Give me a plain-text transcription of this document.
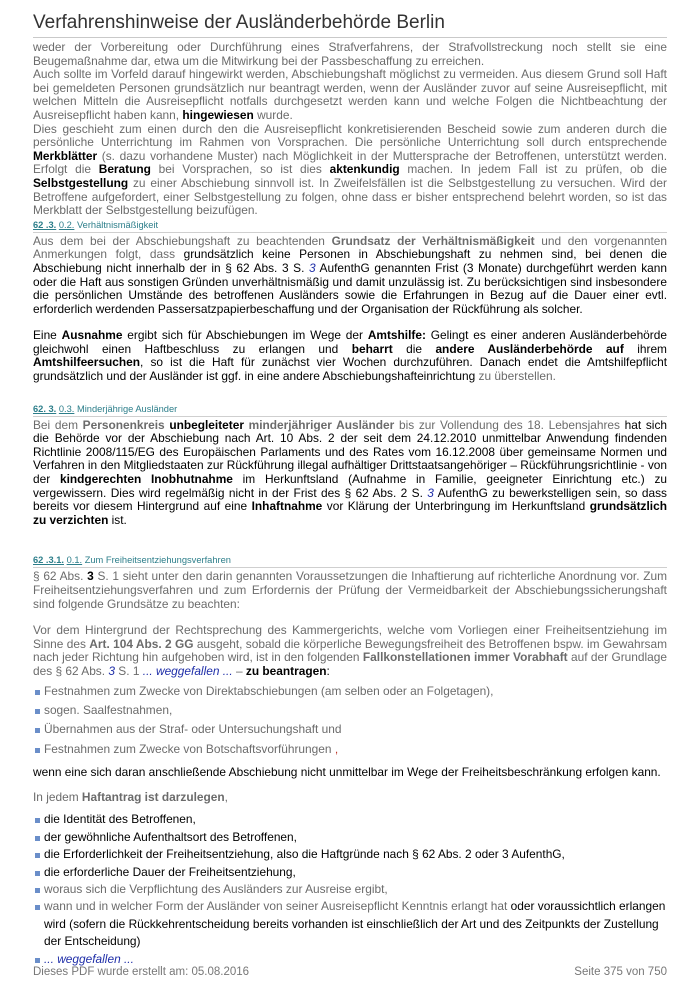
Verfahrenshinweise der Ausländerbehörde Berlin

weder der Vorbereitung oder Durchführung eines Strafverfahrens, der Strafvollstreckung noch stellt sie eine Beugemaßnahme dar, etwa um die Mitwirkung bei der Passbeschaffung zu erreichen.

Auch sollte im Vorfeld darauf hingewirkt werden, Abschiebungshaft möglichst zu vermeiden. Aus diesem Grund soll Haft bei gemeldeten Personen grundsätzlich nur beantragt werden, wenn der Ausländer zuvor auf seine Ausreisepflicht, mit welchen Mitteln die Ausreisepflicht notfalls durchgesetzt werden kann und welche Folgen die Nichtbeachtung der Ausreisepflicht haben kann, hingewiesen wurde.

Dies geschieht zum einen durch den die Ausreisepflicht konkretisierenden Bescheid sowie zum anderen durch die persönliche Unterrichtung im Rahmen von Vorsprachen. Die persönliche Unterrichtung soll durch entsprechende Merkblätter (s. dazu vorhandene Muster) nach Möglichkeit in der Muttersprache der Betroffenen, unterstützt werden. Erfolgt die Beratung bei Vorsprachen, so ist dies aktenkundig machen. In jedem Fall ist zu prüfen, ob die Selbstgestellung zu einer Abschiebung sinnvoll ist. In Zweifelsfällen ist die Selbstgestellung zu versuchen. Wird der Betroffene aufgefordert, einer Selbstgestellung zu folgen, ohne dass er bisher entsprechend belehrt worden, so ist das Merkblatt der Selbstgestellung beizufügen.

62 .3. 0.2. Verhältnismäßigkeit

Aus dem bei der Abschiebungshaft zu beachtenden Grundsatz der Verhältnismäßigkeit und den vorgenannten Anmerkungen folgt, dass grundsätzlich keine Personen in Abschiebungshaft zu nehmen sind, bei denen die Abschiebung nicht innerhalb der in § 62 Abs. 3 S. 3 AufenthG genannten Frist (3 Monate) durchgeführt werden kann oder die Haft aus sonstigen Gründen unverhältnismäßig und damit unzulässig ist. Zu berücksichtigen sind insbesondere die persönlichen Umstände des betroffenen Ausländers sowie die Erfahrungen in Bezug auf die Dauer einer evtl. erforderlich werdenden Passersatzpapierbeschaffung und der Organisation der Rückführung als solcher.

Eine Ausnahme ergibt sich für Abschiebungen im Wege der Amtshilfe: Gelingt es einer anderen Ausländerbehörde gleichwohl einen Haftbeschluss zu erlangen und beharrt die andere Ausländerbehörde auf ihrem Amtshilfeersuchen, so ist die Haft für zunächst vier Wochen durchzuführen. Danach endet die Amtshilfepflicht grundsätzlich und der Ausländer ist ggf. in eine andere Abschiebungshafteinrichtung zu überstellen.

62. 3. 0.3. Minderjährige Ausländer

Bei dem Personenkreis unbegleiteter minderjähriger Ausländer bis zur Vollendung des 18. Lebensjahres hat sich die Behörde vor der Abschiebung nach Art. 10 Abs. 2 der seit dem 24.12.2010 unmittelbar Anwendung findenden Richtlinie 2008/115/EG des Europäischen Parlaments und des Rates vom 16.12.2008 über gemeinsame Normen und Verfahren in den Mitgliedstaaten zur Rückführung illegal aufhältiger Drittstaatsangehöriger – Rückführungsrichtlinie - von der kindgerechten Inobhutnahme im Herkunftsland (Aufnahme in Familie, geeigneter Einrichtung etc.) zu vergewissern. Dies wird regelmäßig nicht in der Frist des § 62 Abs. 2 S. 3 AufenthG zu bewerkstelligen sein, so dass bereits vor diesem Hintergrund auf eine Inhaftnahme vor Klärung der Unterbringung im Herkunftsland grundsätzlich zu verzichten ist.

62 .3.1. 0.1. Zum Freiheitsentziehungsverfahren

§ 62 Abs. 3 S. 1 sieht unter den darin genannten Voraussetzungen die Inhaftierung auf richterliche Anordnung vor. Zum Freiheitsentziehungsverfahren und zum Erfordernis der Prüfung der Vermeidbarkeit der Abschiebungssicherungshaft sind folgende Grundsätze zu beachten:

Vor dem Hintergrund der Rechtsprechung des Kammergerichts, welche vom Vorliegen einer Freiheitsentziehung im Sinne des Art. 104 Abs. 2 GG ausgeht, sobald die körperliche Bewegungsfreiheit des Betroffenen bspw. im Gewahrsam nach jeder Richtung hin aufgehoben wird, ist in den folgenden Fallkonstellationen immer Vorabhaft auf der Grundlage des § 62 Abs. 3 S. 1 ... weggefallen ... – zu beantragen:

Festnahmen zum Zwecke von Direktabschiebungen (am selben oder an Folgetagen),
sogen. Saalfestnahmen,
Übernahmen aus der Straf- oder Untersuchungshaft und
Festnahmen zum Zwecke von Botschaftsvorführungen ,

wenn eine sich daran anschließende Abschiebung nicht unmittelbar im Wege der Freiheitsbeschränkung erfolgen kann.

In jedem Haftantrag ist darzulegen,

die Identität des Betroffenen,
der gewöhnliche Aufenthaltsort des Betroffenen,
die Erforderlichkeit der Freiheitsentziehung, also die Haftgründe nach § 62 Abs. 2 oder 3 AufenthG,
die erforderliche Dauer der Freiheitsentziehung,
woraus sich die Verpflichtung des Ausländers zur Ausreise ergibt,
wann und in welcher Form der Ausländer von seiner Ausreisepflicht Kenntnis erlangt hat oder voraussichtlich erlangen wird (sofern die Rückkehrentscheidung bereits vorhanden ist einschließlich der Art und des Zeitpunkts der Zustellung der Entscheidung)
... weggefallen ...
Dieses PDF wurde erstellt am: 05.08.2016	Seite 375 von 750
